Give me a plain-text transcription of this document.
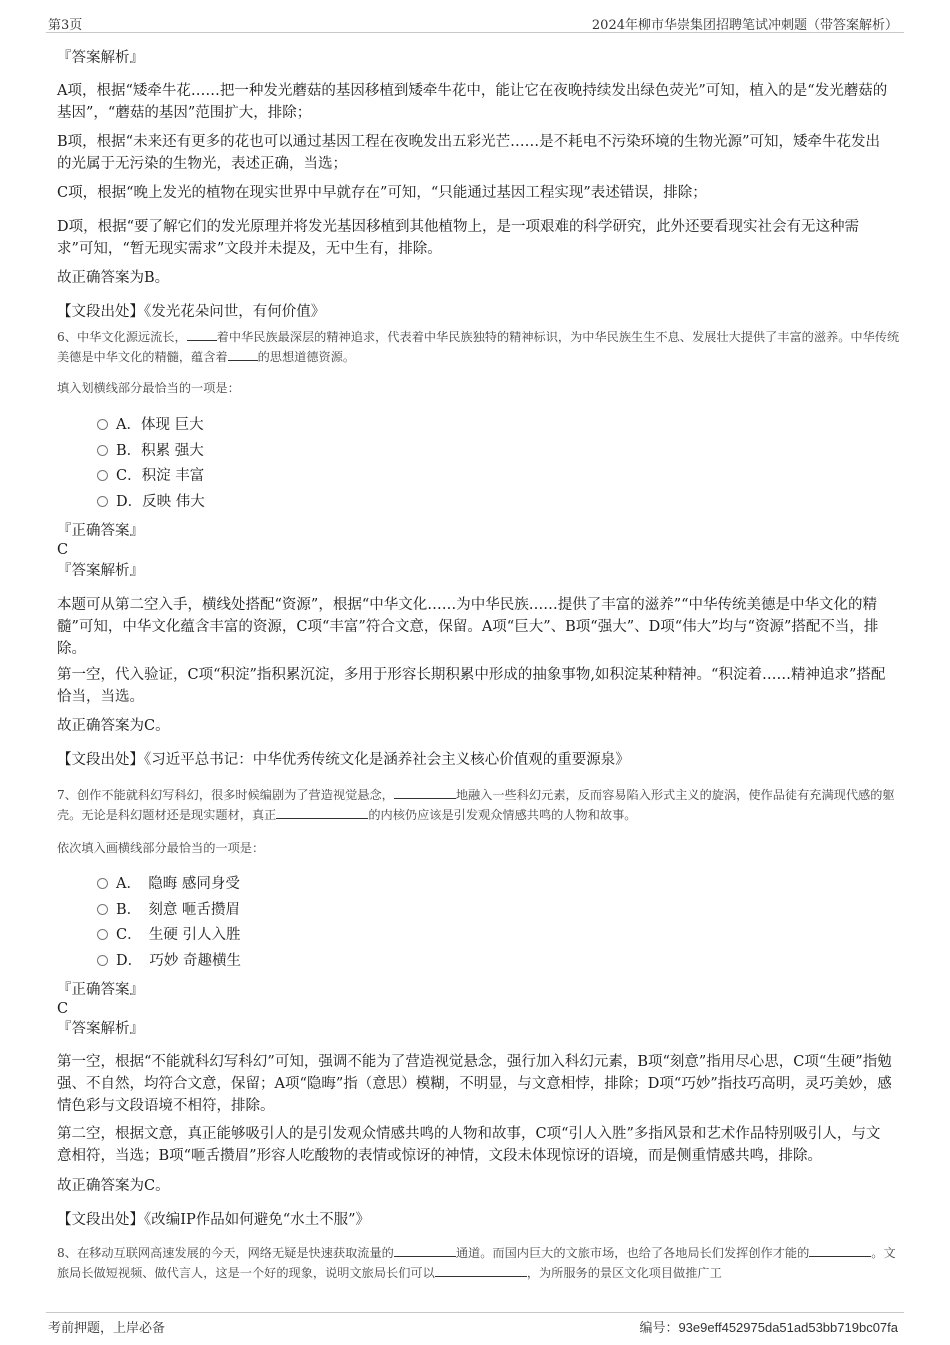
第3页	2024年柳市华崇集团招聘笔试冲刺题（带答案解析）
『答案解析』
A项，根据“矮牵牛花……把一种发光蘑菇的基因移植到矮牵牛花中，能让它在夜晚持续发出绿色荧光”可知，植入的是“发光蘑菇的基因”，“蘑菇的基因”范围扩大，排除；
B项，根据“未来还有更多的花也可以通过基因工程在夜晚发出五彩光芒……是不耗电不污染环境的生物光源”可知，矮牵牛花发出的光属于无污染的生物光，表述正确，当选；
C项，根据“晚上发光的植物在现实世界中早就存在”可知，“只能通过基因工程实现”表述错误，排除；
D项，根据“要了解它们的发光原理并将发光基因移植到其他植物上，是一项艰难的科学研究，此外还要看现实社会有无这种需求”可知，“暂无现实需求”文段并未提及，无中生有，排除。
故正确答案为B。
【文段出处】《发光花朵问世，有何价值》
6、中华文化源远流长， 着中华民族最深层的精神追求，代表着中华民族独特的精神标识，为中华民族生生不息、发展壮大提供了丰富的滋养。中华传统美德是中华文化的精髓，蕴含着 的思想道德资源。
填入划横线部分最恰当的一项是：
A．体现 巨大
B．积累 强大
C．积淀 丰富
D．反映 伟大
『正确答案』
C
『答案解析』
本题可从第二空入手，横线处搭配“资源”，根据“中华文化……为中华民族……提供了丰富的滋养”“中华传统美德是中华文化的精髓”可知，中华文化蕴含丰富的资源，C项“丰富”符合文意，保留。A项“巨大”、B项“强大”、D项“伟大”均与“资源”搭配不当，排除。
第一空，代入验证，C项“积淀”指积累沉淀，多用于形容长期积累中形成的抽象事物,如积淀某种精神。“积淀着……精神追求”搭配恰当，当选。
故正确答案为C。
【文段出处】《习近平总书记：中华优秀传统文化是涵养社会主义核心价值观的重要源泉》
7、创作不能就科幻写科幻，很多时候编剧为了营造视觉悬念，	地融入一些科幻元素，反而容易陷入形式主义的旋涡，使作品徒有充满现代感的躯壳。无论是科幻题材还是现实题材，真正	的内核仍应该是引发观众情感共鸣的人物和故事。
依次填入画横线部分最恰当的一项是：
A．　隐晦 感同身受
B．　刻意 咂舌攒眉
C．　生硬 引人入胜
D．　巧妙 奇趣横生
『正确答案』
C
『答案解析』
第一空，根据“不能就科幻写科幻”可知，强调不能为了营造视觉悬念，强行加入科幻元素，B项“刻意”指用尽心思，C项“生硬”指勉强、不自然，均符合文意，保留；A项“隐晦”指（意思）模糊，不明显，与文意相悖，排除；D项“巧妙”指技巧高明，灵巧美妙，感情色彩与文段语境不相符，排除。
第二空，根据文意，真正能够吸引人的是引发观众情感共鸣的人物和故事，C项“引人入胜”多指风景和艺术作品特别吸引人，与文意相符，当选；B项“咂舌攒眉”形容人吃酸物的表情或惊讶的神情，文段未体现惊讶的语境，而是侧重情感共鸣，排除。
故正确答案为C。
【文段出处】《改编IP作品如何避免“水土不服”》
8、在移动互联网高速发展的今天，网络无疑是快速获取流量的	通道。而国内巨大的文旅市场，也给了各地局长们发挥创作才能的	。文旅局长做短视频、做代言人，这是一个好的现象，说明文旅局长们可以	，为所服务的景区文化项目做推广工
考前押题，上岸必备	编号：93e9eff452975da51ad53bb719bc07fa
